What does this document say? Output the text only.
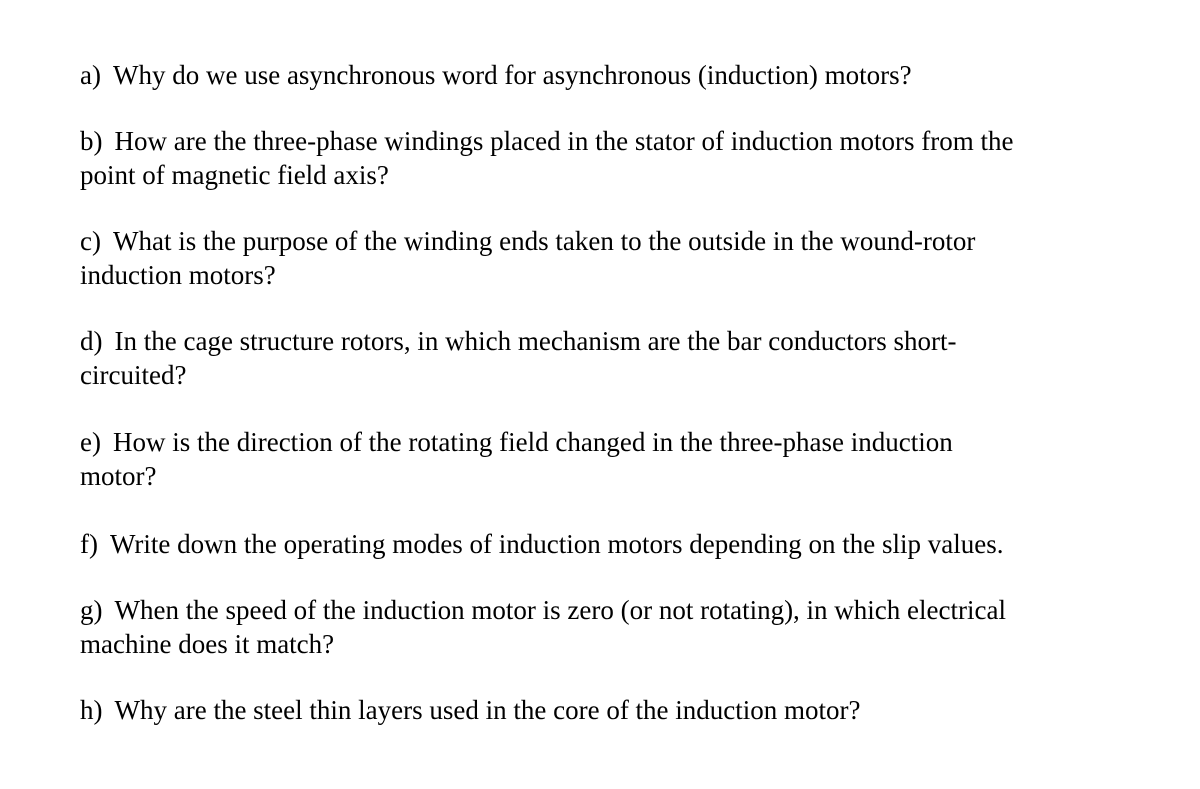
a) Why do we use asynchronous word for asynchronous (induction) motors?

b) How are the three-phase windings placed in the stator of induction motors from the
point of magnetic field axis?

c) What is the purpose of the winding ends taken to the outside in the wound-rotor
induction motors?

d) In the cage structure rotors, in which mechanism are the bar conductors short-
circuited?

e) How is the direction of the rotating field changed in the three-phase induction
motor?

f) Write down the operating modes of induction motors depending on the slip values.

g) When the speed of the induction motor is zero (or not rotating), in which electrical
machine does it match?

h) Why are the steel thin layers used in the core of the induction motor?
